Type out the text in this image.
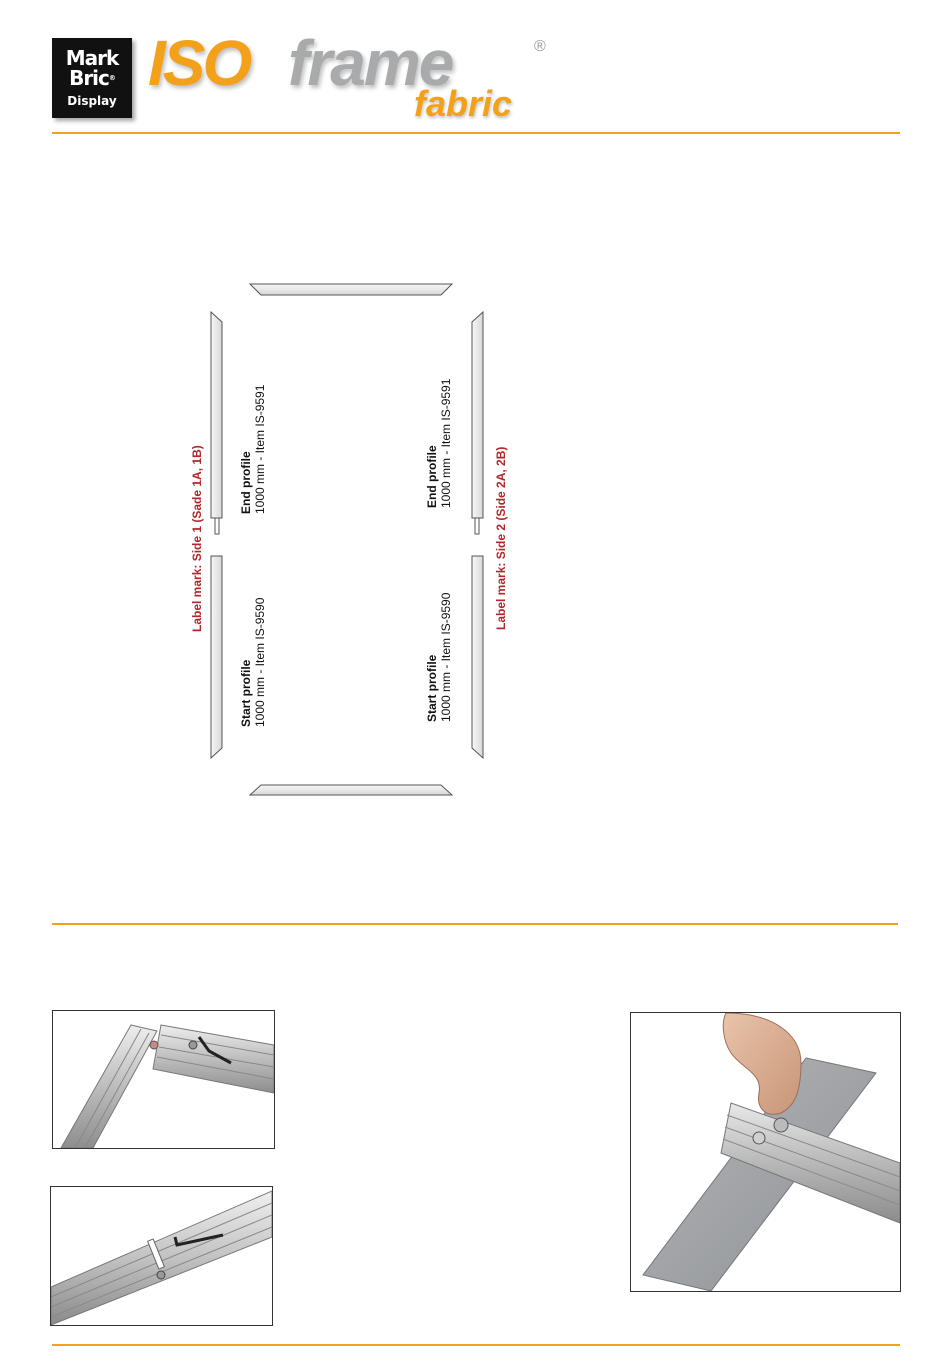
Mark
Bric®
Display
ISO frame	®
fabric
Label mark: Side 1 (Sade 1A, 1B)	Label mark: Side 2 (Side 2A, 2B)
End profile 1000 mm - Item IS-9591
Start profile 1000 mm - Item IS-9590
End profile 1000 mm - Item IS-9591
Start profile 1000 mm - Item IS-9590
